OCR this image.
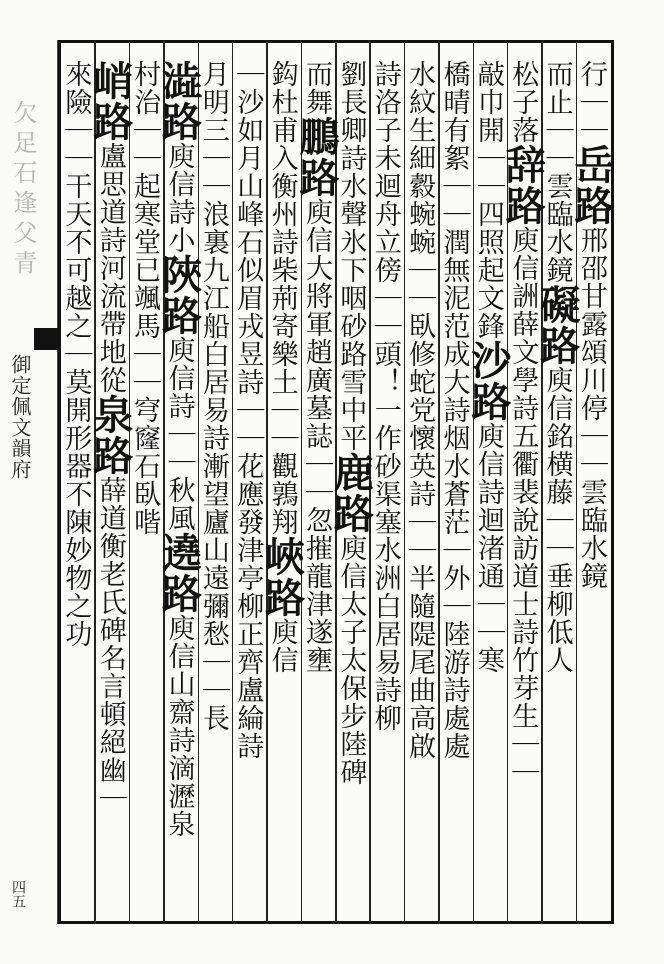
欠足石逢父青
御定佩文韻府
四五
行｜｜岳路邢邵甘露頌川停｜｜雲臨水鏡
而止｜｜雲臨水鏡礙路庾信銘横藤｜｜垂柳低人
松子落辞路庾信詶薛文學詩五衢裴說訪道士詩竹芽生｜｜
敲巾開｜｜四照起文鋒沙路庾信詩迴渚通｜｜寒
橋晴有絮｜｜潤無泥范成大詩烟水蒼茫｜外｜陸游詩處處
水紋生細縠蜿蜿｜｜臥修蛇党懷英詩｜｜半隨隄尾曲高啟
詩洛子未迴舟立傍｜｜頭！一作砂渠塞水洲白居易詩柳
劉長卿詩水聲氷下咽砂路雪中平鹿路庾信太子太保步陸碑
而舞鵬路庾信大將軍趙廣墓誌｜｜忽摧龍津遂壅
鈎杜甫入衡州詩柴荊寄樂土｜｜觀鶉翔峽路庾信
｜沙如月山峰石似眉戎昱詩｜｜花應發津亭柳正齊盧綸詩
月明三｜｜浪裏九江船白居易詩漸望廬山遠彌愁｜｜長
澁路庾信詩小陜路庾信詩｜｜秋風遶路庾信山齋詩滴瀝泉
村治｜｜起寒堂已颯馬｜｜穹窿石臥喈
峭路盧思道詩河流帶地從泉路薛道衡老氏碑名言頓絕幽｜
來險｜｜干天不可越之｜莫開形器不陳妙物之功
